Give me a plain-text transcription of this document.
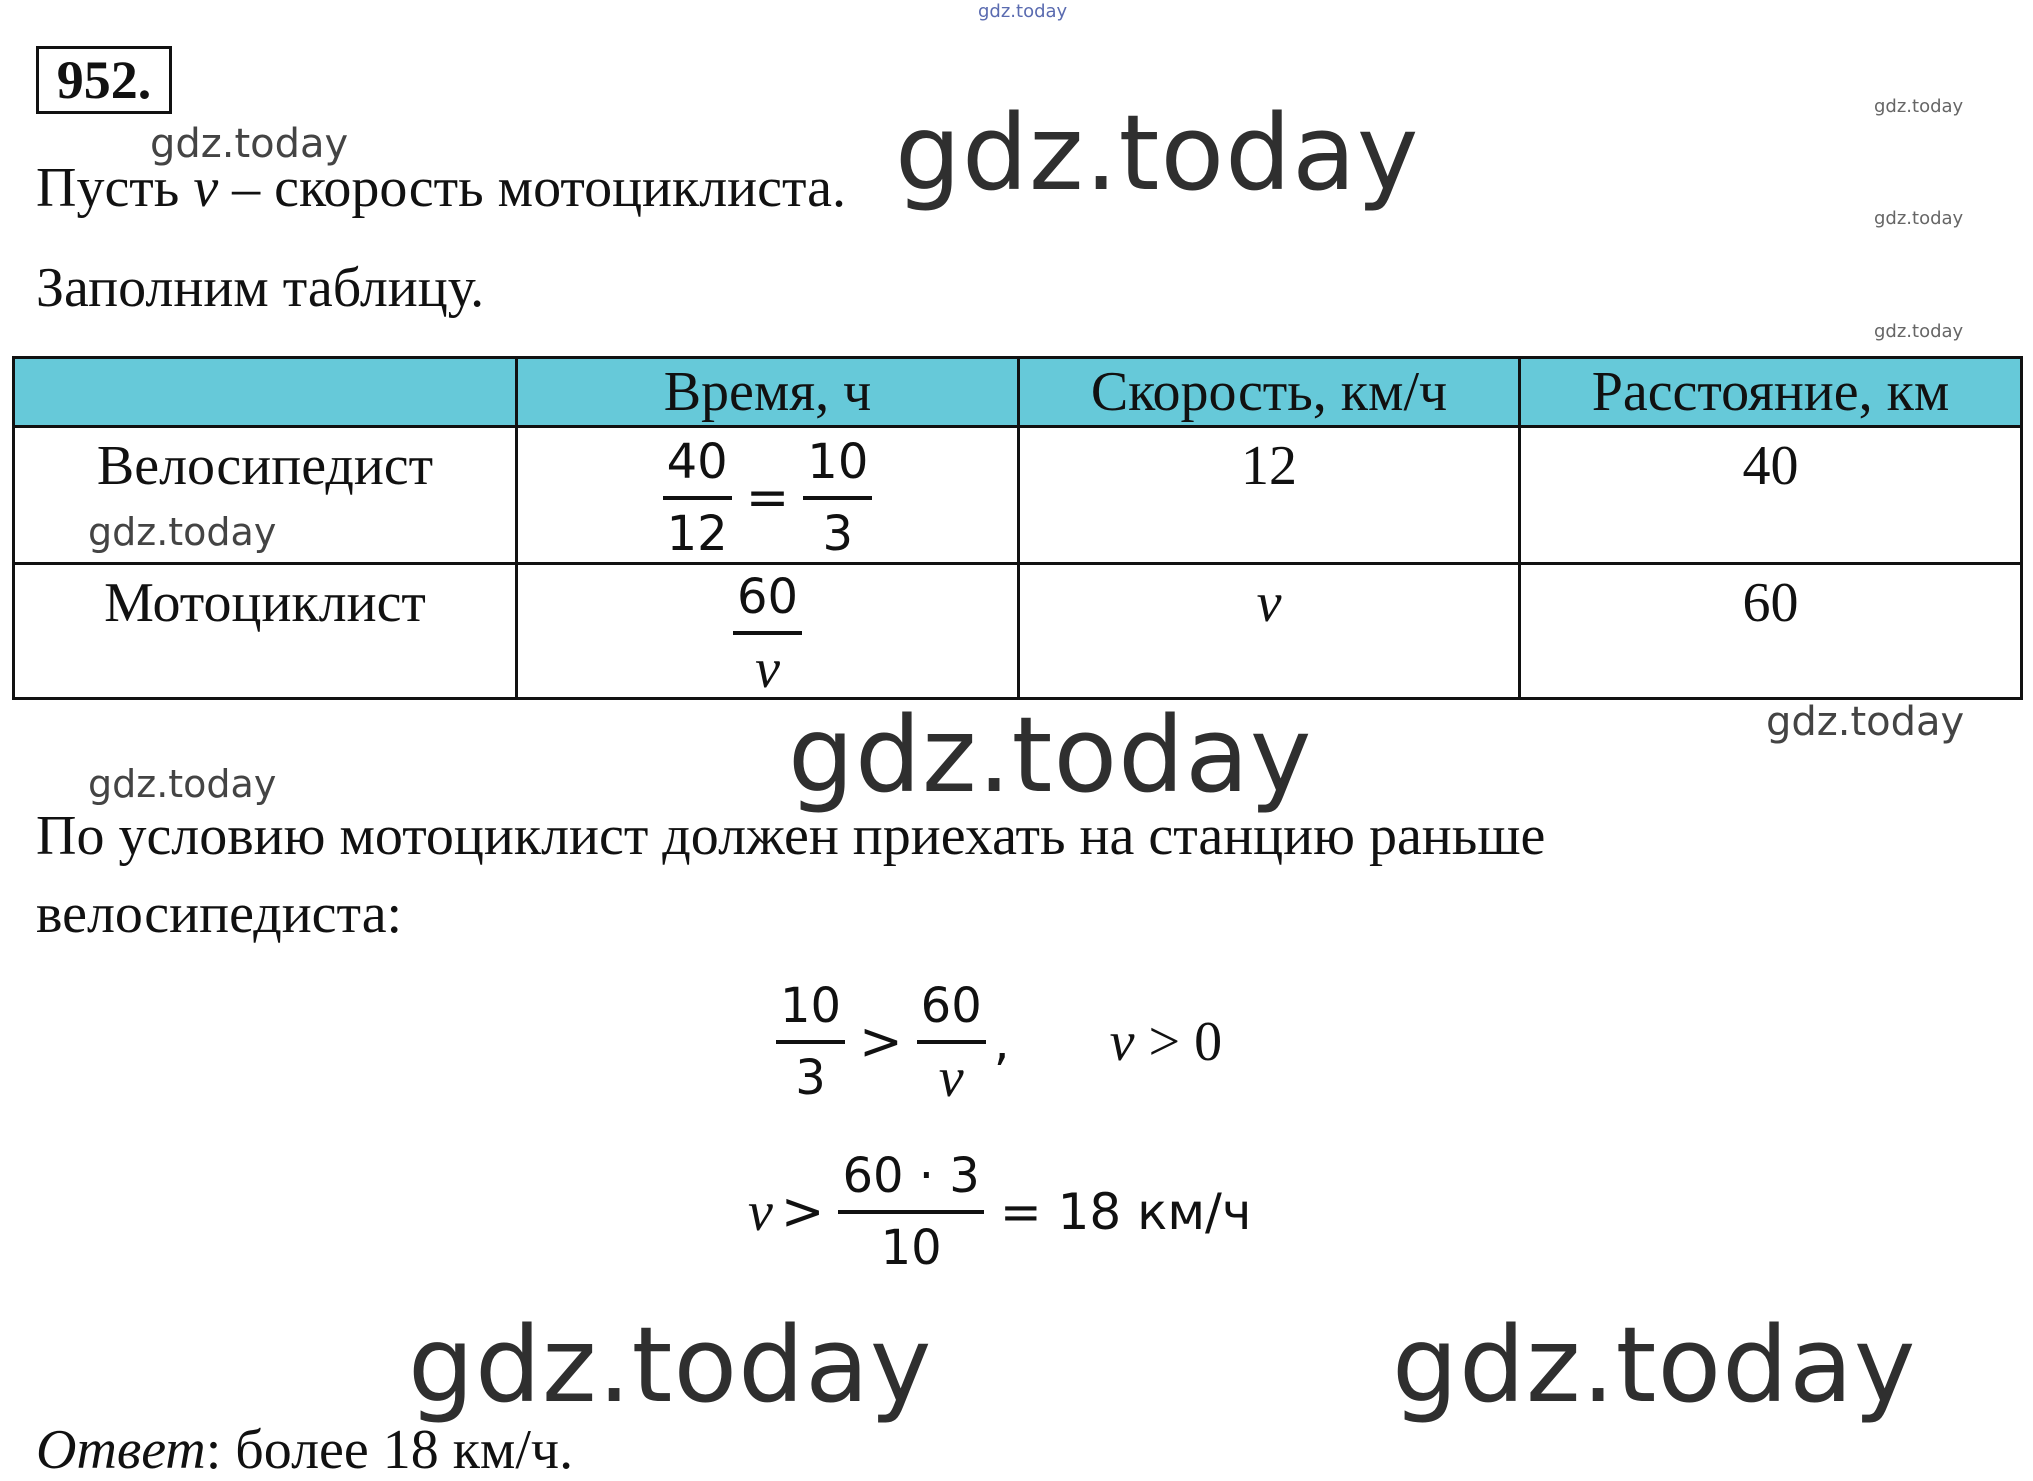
gdz.today
952.	gdz.today
gdz.today
gdz.today
Пусть v – скорость мотоциклиста.
gdz.today	gdz.today
Заполним таблицу.
	Время, ч	Скорость, км/ч	Расстояние, км

Велосипедист	$\frac{40}{12} = \frac{10}{3}$	12	40

Мотоциклист	$\frac{60}{v}$	v	60
gdz.today
gdz.today
gdz.today
gdz.today
По условию мотоциклист должен приехать на станцию раньше
велосипедиста:
$\frac{10}{3} > \frac{60}{v}$ , v > 0
$v > \frac{60 \cdot 3}{10} = 18$ км/ч
gdz.today	gdz.today
Ответ: более 18 км/ч.
